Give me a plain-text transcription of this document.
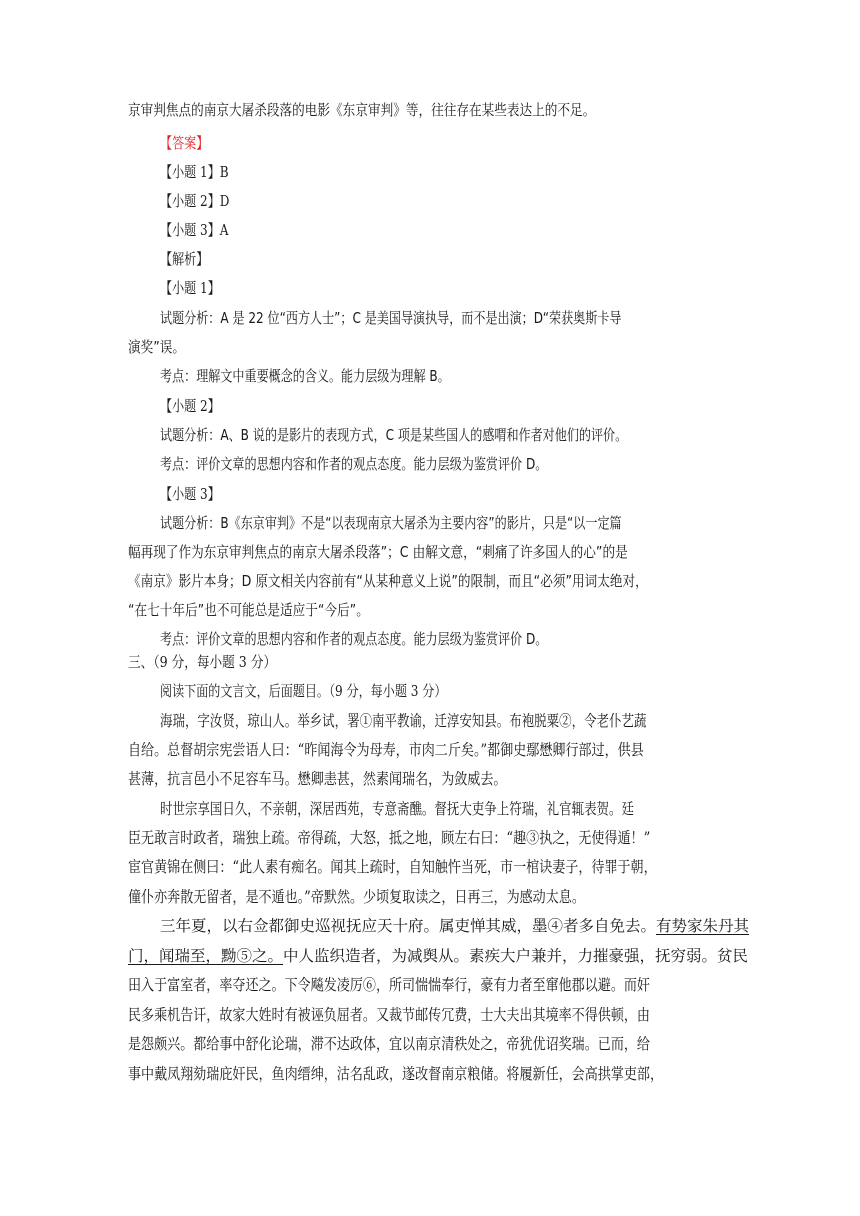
京审判焦点的南京大屠杀段落的电影《东京审判》等，往往存在某些表达上的不足。
【答案】
【小题 1】B
【小题 2】D
【小题 3】A
【解析】
【小题 1】
试题分析：A 是 22 位“西方人士”；C 是美国导演执导，而不是出演；D“荣获奥斯卡导
演奖”误。
考点：理解文中重要概念的含义。能力层级为理解 B。
【小题 2】
试题分析：A、B 说的是影片的表现方式，C 项是某些国人的感喟和作者对他们的评价。
考点：评价文章的思想内容和作者的观点态度。能力层级为鉴赏评价 D。
【小题 3】
试题分析：B《东京审判》不是“以表现南京大屠杀为主要内容”的影片，只是“以一定篇
幅再现了作为东京审判焦点的南京大屠杀段落”；C 由解文意，“刺痛了许多国人的心”的是
《南京》影片本身；D 原文相关内容前有“从某种意义上说”的限制，而且“必须”用词太绝对，
“在七十年后”也不可能总是适应于“今后”。
考点：评价文章的思想内容和作者的观点态度。能力层级为鉴赏评价 D。
三、（9 分，每小题 3 分）
阅读下面的文言文，后面题目。（9 分，每小题 3 分）
海瑞，字汝贤，琼山人。举乡试，署①南平教谕，迁淳安知县。布袍脱粟②，令老仆艺蔬
自给。总督胡宗宪尝语人曰：“昨闻海令为母寿，市肉二斤矣。”都御史鄢懋卿行部过，供县
甚薄，抗言邑小不足容车马。懋卿恚甚，然素闻瑞名，为敛威去。
时世宗享国日久，不亲朝，深居西苑，专意斋醮。督抚大吏争上符瑞，礼官辄表贺。廷
臣无敢言时政者，瑞独上疏。帝得疏，大怒，抵之地，顾左右曰：“趣③执之，无使得遁！”
宦官黄锦在侧曰：“此人素有痴名。闻其上疏时，自知触忤当死，市一棺诀妻子，待罪于朝，
僮仆亦奔散无留者，是不遁也。”帝默然。少顷复取读之，日再三，为感动太息。
三年夏，以右佥都御史巡视抚应天十府。属吏惮其威，墨④者多自免去。有势家朱丹其
门，闻瑞至，黝⑤之。中人监织造者，为减舆从。素疾大户兼并，力摧豪强，抚穷弱。贫民
田入于富室者，率夺还之。下令飚发凌厉⑥，所司惴惴奉行，豪有力者至窜他郡以避。而奸
民多乘机告讦，故家大姓时有被诬负屈者。又裁节邮传冗费，士大夫出其境率不得供顿，由
是怨颇兴。都给事中舒化论瑞，滞不达政体，宜以南京清秩处之，帝犹优诏奖瑞。已而，给
事中戴凤翔劾瑞庇奸民，鱼肉缙绅，沽名乱政，遂改督南京粮储。将履新任，会高拱掌吏部，
